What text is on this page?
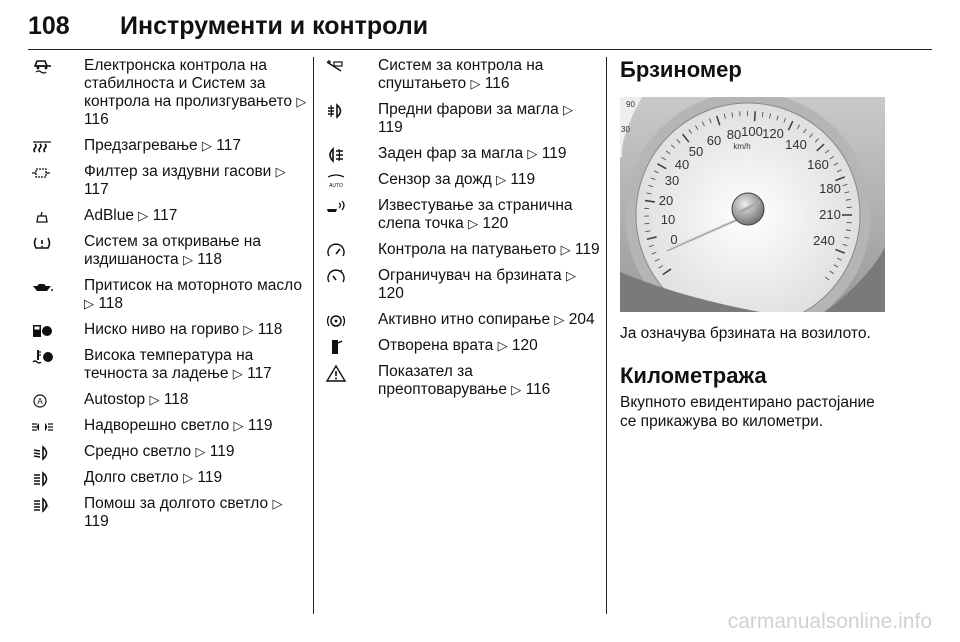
108 Инструменти и контроли
Електронска контрола на стабилноста и Систем за контрола на пролизгувањето ▷ 116
Предзагревање ▷ 117
Филтер за издувни гасови ▷ 117
AdBlue ▷ 117
Систем за откривање на издишаноста ▷ 118
Притисок на моторното масло ▷ 118
Ниско ниво на гориво ▷ 118
Висока температура на течноста за ладење ▷ 117
A	Autostop ▷ 118
Надворешно светло ▷ 119
Средно светло ▷ 119
Долго светло ▷ 119
A Помош за долгото светло ▷ 119
Систем за контрола на спуштањето ▷ 116
Предни фарови за магла ▷ 119
Заден фар за магла ▷ 119
AUTO Сензор за дожд ▷ 119
Известување за странична слепа точка ▷ 120
Контрола на патувањето ▷ 119
Ограничувач на брзината ▷ 120
Активно итно сопирање ▷ 204
Отворена врата ▷ 120
Показател за преоптоварување ▷ 116
Брзиномер
0
10
20
30
40
50
60 80 100 120
140
160
180
210
240
km/h
90
30

Ја означува брзината на возилото.

Километража

Вкупното евидентирано растојание се прикажува во километри.

carmanualsonline.info
